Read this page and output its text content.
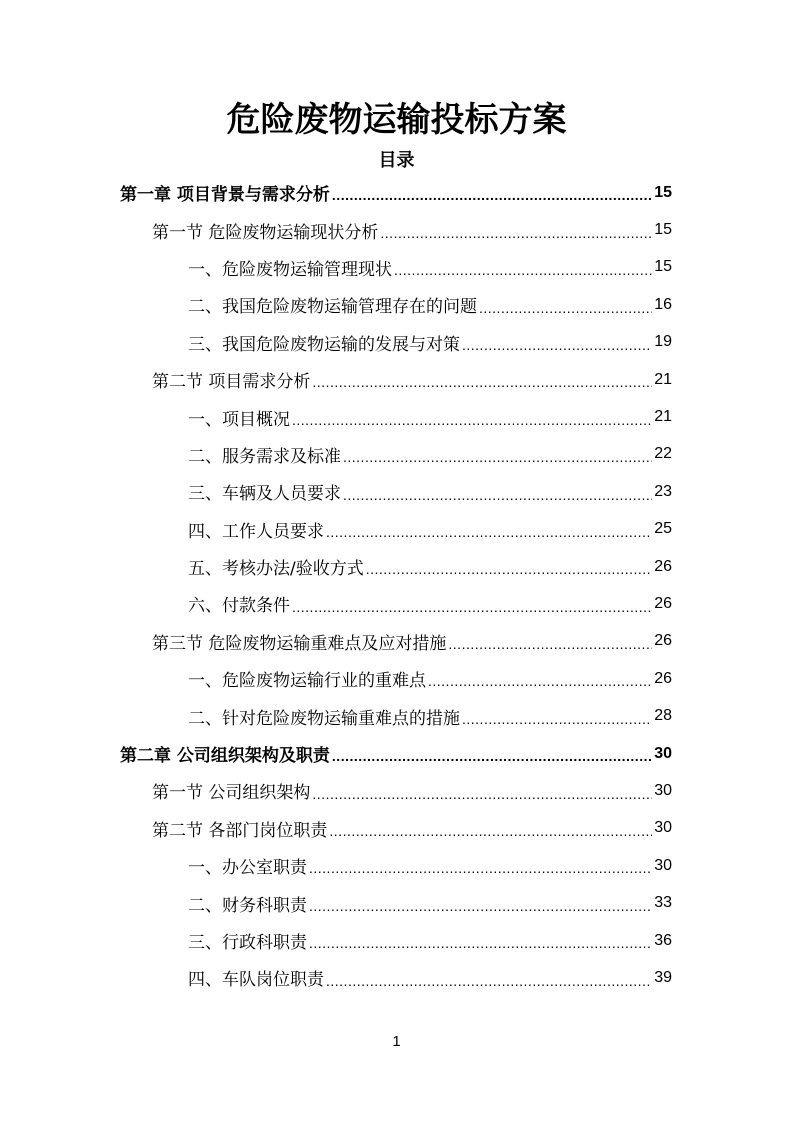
危险废物运输投标方案
目录
第一章 项目背景与需求分析 .....	15
第一节 危险废物运输现状分析 .....	15
一、危险废物运输管理现状 .....	15
二、我国危险废物运输管理存在的问题 .....	16
三、我国危险废物运输的发展与对策 .....	19
第二节 项目需求分析 .....	21
一、项目概况 .....	21
二、服务需求及标准 .....	22
三、车辆及人员要求 .....	23
四、工作人员要求 .....	25
五、考核办法/验收方式 .....	26
六、付款条件 .....	26
第三节 危险废物运输重难点及应对措施 .....	26
一、危险废物运输行业的重难点 .....	26
二、针对危险废物运输重难点的措施 .....	28
第二章 公司组织架构及职责 .....	30
第一节 公司组织架构 .....	30
第二节 各部门岗位职责 .....	30
一、办公室职责 .....	30
二、财务科职责 .....	33
三、行政科职责 .....	36
四、车队岗位职责 .....	39
1
